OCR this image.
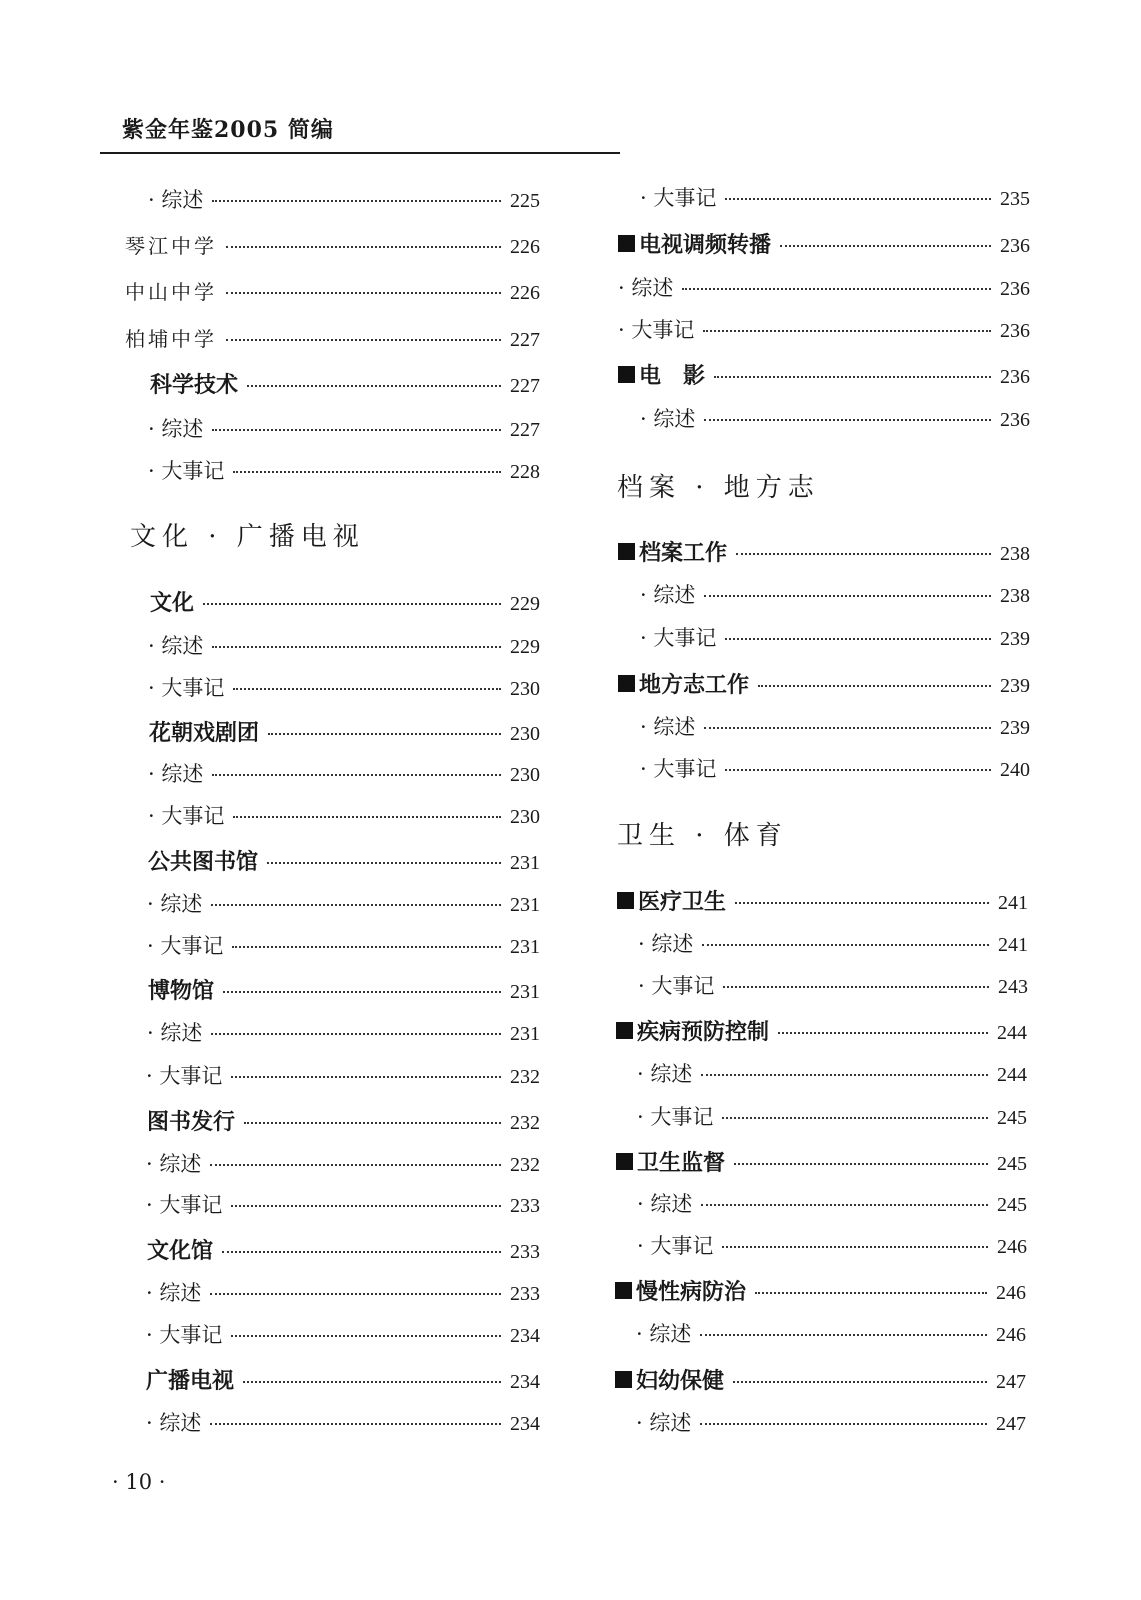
紫金年鉴2005 简编
· 综述	225
琴江中学	226
中山中学	226
柏埔中学	227
科学技术	227
· 综述	227
· 大事记	228
文化 · 广播电视
文化	229
· 综述	229
· 大事记	230
花朝戏剧团	230
· 综述	230
· 大事记	230
公共图书馆	231
· 综述	231
· 大事记	231
博物馆	231
· 综述	231
· 大事记	232
图书发行	232
· 综述	232
· 大事记	233
文化馆	233
· 综述	233
· 大事记	234
广播电视	234
· 综述	234
· 大事记	235
电视调频转播	236
· 综述	236
· 大事记	236
电　影	236
· 综述	236
档案 · 地方志
档案工作	238
· 综述	238
· 大事记	239
地方志工作	239
· 综述	239
· 大事记	240
卫生 · 体育
医疗卫生	241
· 综述	241
· 大事记	243
疾病预防控制	244
· 综述	244
· 大事记	245
卫生监督	245
· 综述	245
· 大事记	246
慢性病防治	246
· 综述	246
妇幼保健	247
· 综述	247
· 10 ·
